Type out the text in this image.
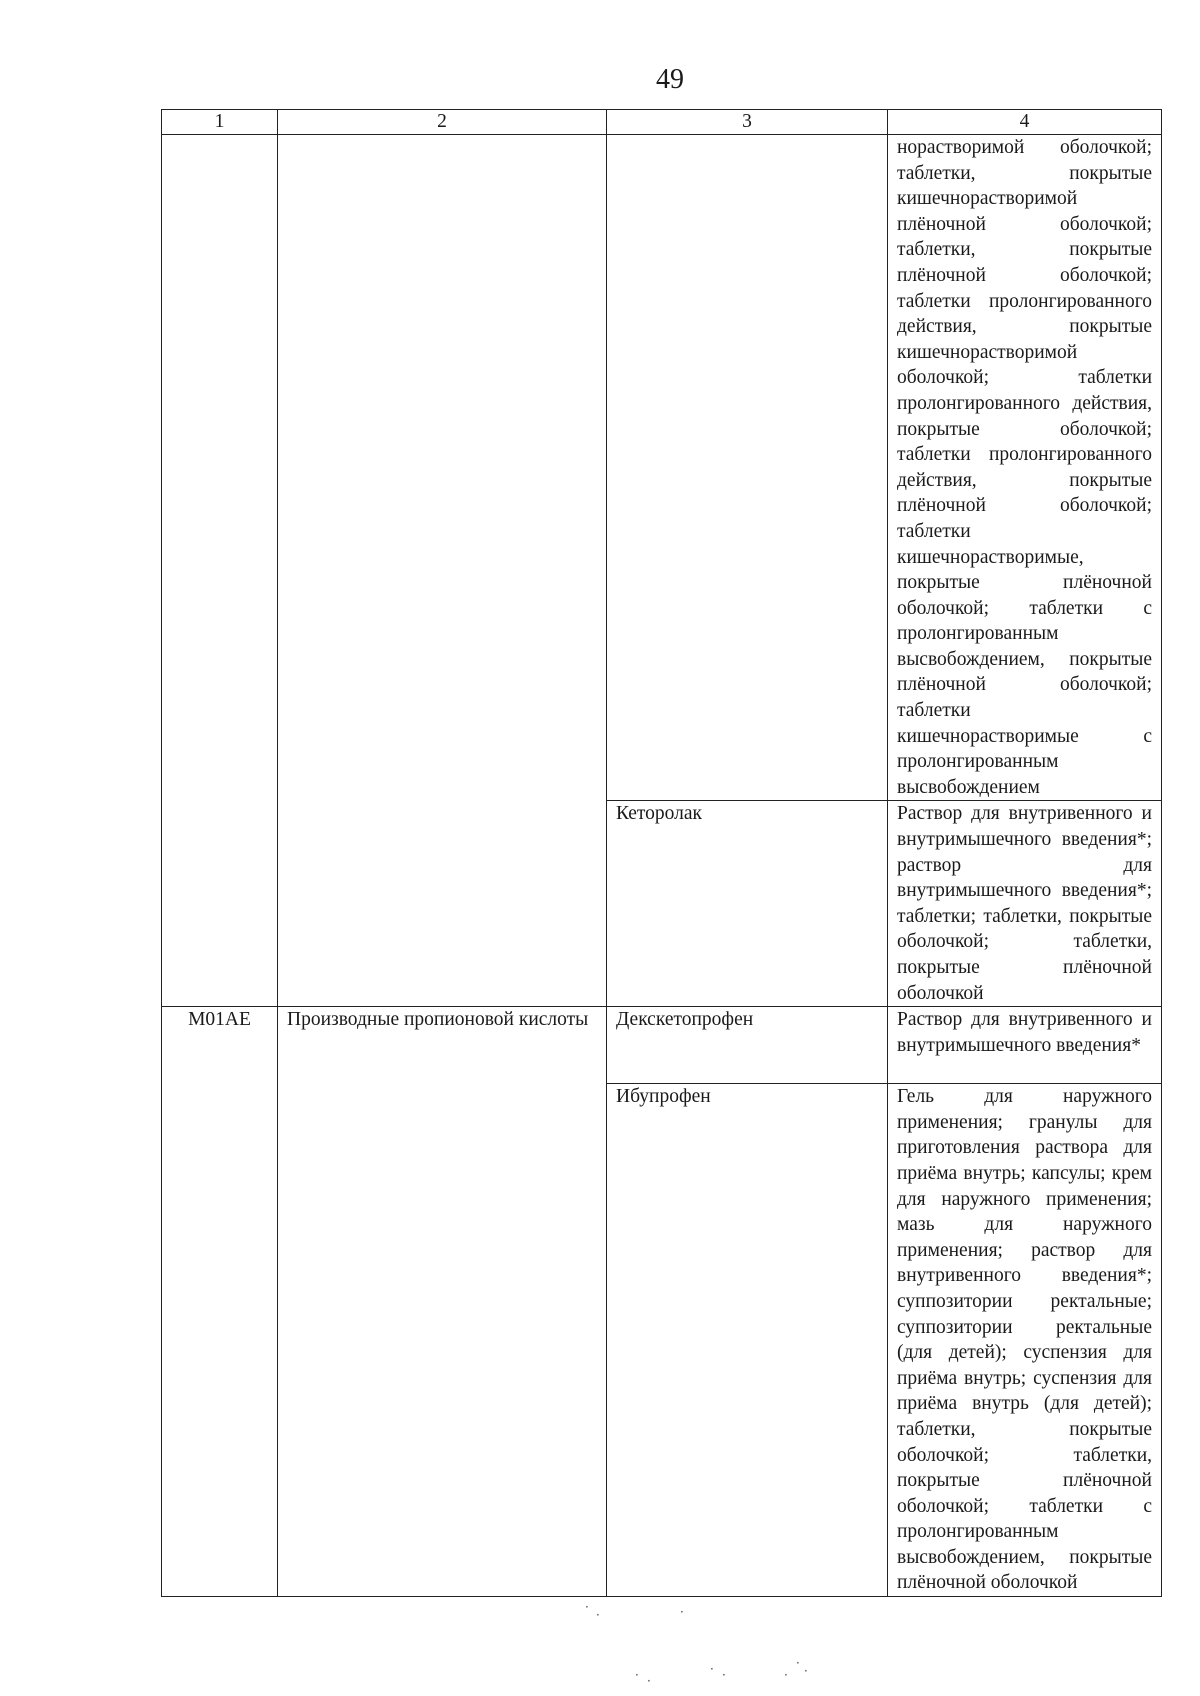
49
1	2	3	4
			норастворимой оболочкой; таблетки, покрытые кишечнорастворимой плёночной оболочкой; таблетки, покрытые плёночной оболочкой; таблетки пролонгированного действия, покрытые кишечнорастворимой оболочкой; таблетки пролонгированного действия, покрытые оболочкой; таблетки пролонгированного действия, покрытые плёночной оболочкой; таблетки кишечнорастворимые, покрытые плёночной оболочкой; таблетки с пролонгированным высвобождением, покрытые плёночной оболочкой; таблетки кишечнорастворимые с пролонгированным высвобождением
		Кеторолак	Раствор для внутривенного и внутримышечного введения*; раствор для внутримышечного введения*; таблетки; таблетки, покрытые оболочкой; таблетки, покрытые плёночной оболочкой
М01АЕ	Производные пропионовой кислоты	Декскетопрофен	Раствор для внутривенного и внутримышечного введения*
		Ибупрофен	Гель для наружного применения; гранулы для приготовления раствора для приёма внутрь; капсулы; крем для наружного применения; мазь для наружного применения; раствор для внутривенного введения*; суппозитории ректальные; суппозитории ректальные (для детей); суспензия для приёма внутрь; суспензия для приёма внутрь (для детей); таблетки, покрытые оболочкой; таблетки, покрытые плёночной оболочкой; таблетки с пролонгированным высвобождением, покрытые плёночной оболочкой
·
·	·
· ·
· ·	·
·
·
